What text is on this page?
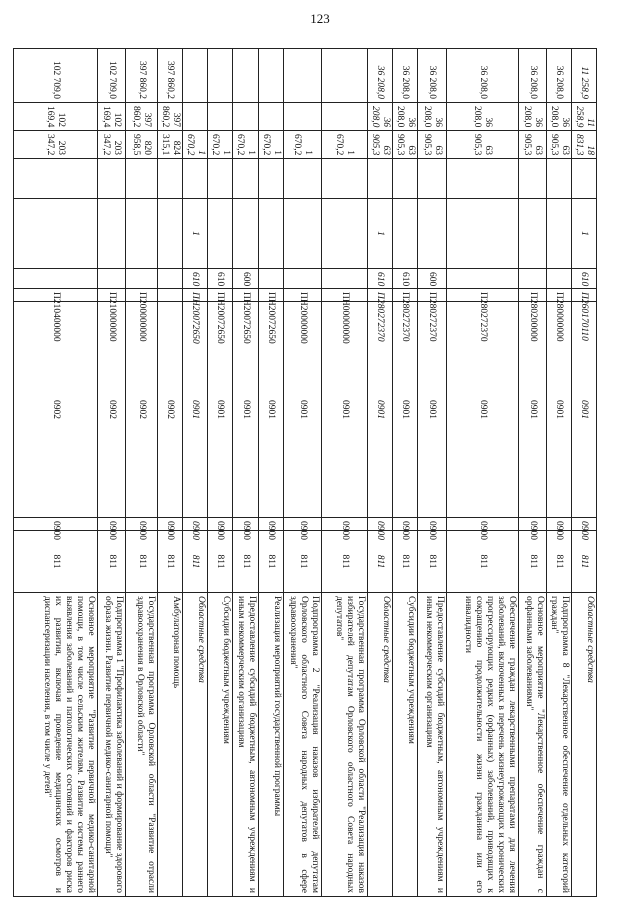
123
11 258,9	11 258,9	18 831,3		1	610	П260170110	0901	0900	811	Областные средства
36 208,0	36 208,0	63 905,3				П280000000	0901	0900	811	Подпрограмма 8 "Лекарственное обеспечение отдельных категорий граждан"
36 208,0	36 208,0	63 905,3				П280200000	0901	0900	811	Основное мероприятие "Лекарственное обеспечение граждан с орфанными заболеваниями"
36 208,0	36 208,0	63 905,3				П280272370	0901	0900	811	Обеспечение граждан лекарственными препаратами для лечения заболеваний, включенных в перечень жизнеугрожающих и хронических прогрессирующих редких (орфанных) заболеваний, приводящих к сокращению продолжительности жизни гражданина или его инвалидности
36 208,0	36 208,0	63 905,3			600	П280272370	0901	0900	811	Предоставление субсидий бюджетным, автономным учреждениям и иным некоммерческим организациям
36 208,0	36 208,0	63 905,3			610	П280272370	0901	0900	811	Субсидии бюджетным учреждениям
36 208,0	36 208,0	63 905,3		1	610	П280272370	0901	0900	811	Областные средства
		1 670,2				ПН00000000	0901	0900	811	Государственная программа Орловской области "Реализация наказов избирателей депутатам Орловского областного Совета народных депутатов"
		1 670,2				ПН20000000	0901	0900	811	Подпрограмма 2 "Реализация наказов избирателей депутатам Орловского областного Совета народных депутатов в сфере здравоохранения"
		1 670,2				ПН20072650	0901	0900	811	Реализация мероприятий государственной программы
		1 670,2			600	ПН20072650	0901	0900	811	Предоставление субсидий бюджетным, автономным учреждениям и иным некоммерческим организациям
		1 670,2			610	ПН20072650	0901	0900	811	Субсидии бюджетным учреждениям
		1 670,2		1	610	ПН20072650	0901	0900	811	Областные средства
397 860,2	397 860,2	824 315,1					0902	0900	811	Амбулаторная помощь
397 860,2	397 860,2	820 958,5				П200000000	0902	0900	811	Государственная программа Орловской области "Развитие отрасли здравоохранения в Орловской области"
102 709,0	102 169,4	203 347,2				П210000000	0902	0900	811	Подпрограмма 1 "Профилактика заболеваний и формирование здорового образа жизни. Развитие первичной медико-санитарной помощи"
102 709,0	102 169,4	203 347,2				П210400000	0902	0900	811	Основное мероприятие "Развитие первичной медико-санитарной помощи, в том числе сельским жителям. Развитие системы раннего выявления заболеваний и патологических состояний и факторов риска их развития, включая проведение медицинских осмотров и диспансеризации населения, в том числе у детей"
